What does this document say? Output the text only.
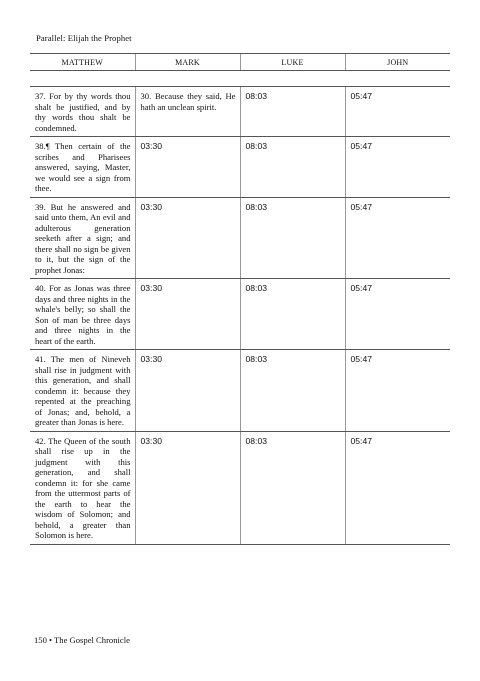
Parallel: Elijah the Prophet
MATTHEW	MARK	LUKE	JOHN
37. For by thy words thou shalt be justified, and by thy words thou shalt be condemned.	30. Because they said, He hath an unclean spirit.	08:03	05:47
38.¶ Then certain of the scribes and Pharisees answered, saying, Master, we would see a sign from thee.	03:30	08:03	05:47
39. But he answered and said unto them, An evil and adulterous generation seeketh after a sign; and there shall no sign be given to it, but the sign of the prophet Jonas:	03:30	08:03	05:47
40. For as Jonas was three days and three nights in the whale's belly; so shall the Son of man be three days and three nights in the heart of the earth.	03:30	08:03	05:47
41. The men of Nineveh shall rise in judgment with this generation, and shall condemn it: because they repented at the preaching of Jonas; and, behold, a greater than Jonas is here.	03:30	08:03	05:47
42. The Queen of the south shall rise up in the judgment with this generation, and shall condemn it: for she came from the uttermost parts of the earth to hear the wisdom of Solomon; and behold, a greater than Solomon is here.	03:30	08:03	05:47
150 • The Gospel Chronicle
